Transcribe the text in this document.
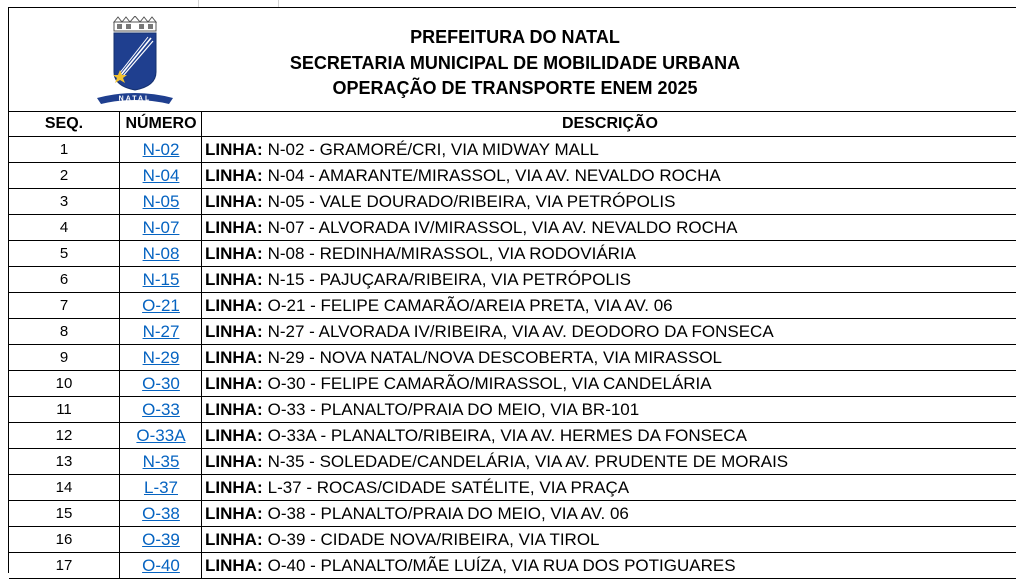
NATAL
PREFEITURA DO NATAL
SECRETARIA MUNICIPAL DE MOBILIDADE URBANA
OPERAÇÃO DE TRANSPORTE ENEM 2025
SEQ.	NÚMERO	DESCRIÇÃO
1	N-02 LINHA: N-02 - GRAMORÉ/CRI, VIA MIDWAY MALL
2	N-04 LINHA: N-04 - AMARANTE/MIRASSOL, VIA AV. NEVALDO ROCHA
3	N-05 LINHA: N-05 - VALE DOURADO/RIBEIRA, VIA PETRÓPOLIS
4	N-07 LINHA: N-07 - ALVORADA IV/MIRASSOL, VIA AV. NEVALDO ROCHA
5	N-08 LINHA: N-08 - REDINHA/MIRASSOL, VIA RODOVIÁRIA
6	N-15 LINHA: N-15 - PAJUÇARA/RIBEIRA, VIA PETRÓPOLIS
7	O-21 LINHA: O-21 - FELIPE CAMARÃO/AREIA PRETA, VIA AV. 06
8	N-27 LINHA: N-27 - ALVORADA IV/RIBEIRA, VIA AV. DEODORO DA FONSECA
9	N-29 LINHA: N-29 - NOVA NATAL/NOVA DESCOBERTA, VIA MIRASSOL
10	O-30 LINHA: O-30 - FELIPE CAMARÃO/MIRASSOL, VIA CANDELÁRIA
11	O-33 LINHA: O-33 - PLANALTO/PRAIA DO MEIO, VIA BR-101
12	O-33A LINHA: O-33A - PLANALTO/RIBEIRA, VIA AV. HERMES DA FONSECA
13	N-35 LINHA: N-35 - SOLEDADE/CANDELÁRIA, VIA AV. PRUDENTE DE MORAIS
14	L-37 LINHA: L-37 - ROCAS/CIDADE SATÉLITE, VIA PRAÇA
15	O-38 LINHA: O-38 - PLANALTO/PRAIA DO MEIO, VIA AV. 06
16	O-39 LINHA: O-39 - CIDADE NOVA/RIBEIRA, VIA TIROL
17	O-40 LINHA: O-40 - PLANALTO/MÃE LUÍZA, VIA RUA DOS POTIGUARES
